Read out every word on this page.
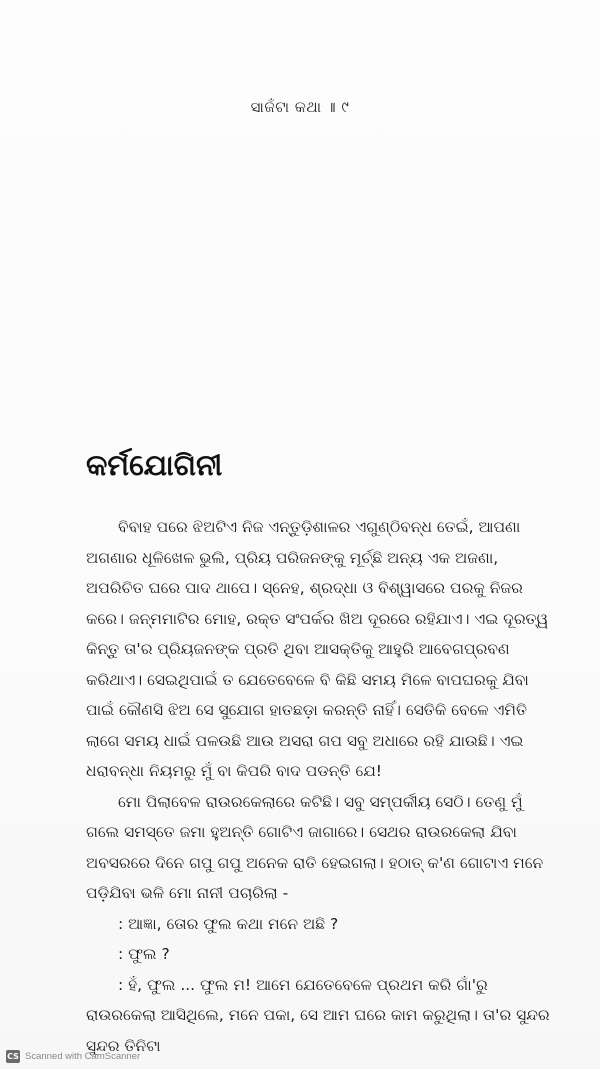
ସାଜଁଟା କଥା ॥ ୯
କର୍ମଯୋଗିନୀ

ବିବାହ ପରେ ଝିଅଟିଏ ନିଜ ଏନ୍ତୁଡ଼ିଶାଳର ଏଗୁଣ୍ଠିବନ୍ଧ ତେଇଁ, ଆପଣା ଅଗଣାର ଧୂଳିଖେଳ ଭୁଲି, ପ୍ରିୟ ପରିଜନଙ୍କୁ ମୂର୍ଚ୍ଛି ଅନ୍ୟ ଏକ ଅଜଣା, ଅପରିଚିତ ଘରେ ପାଦ ଥାପେ। ସ୍ନେହ, ଶ୍ରଦ୍ଧା ଓ ବିଶ୍ୱାସରେ ପରକୁ ନିଜର କରେ। ଜନ୍ମମାଟିର ମୋହ, ରକ୍ତ ସଂପର୍କର ଖିଅ ଦୂରରେ ରହିଯାଏ। ଏଇ ଦୂରତ୍ୱ କିନ୍ତୁ ତା'ର ପ୍ରିୟଜନଙ୍କ ପ୍ରତି ଥିବା ଆସକ୍ତିକୁ ଆହୁରି ଆବେଗପ୍ରବଣ କରିଥାଏ। ସେଇଥିପାଇଁ ତ ଯେତେବେଳେ ବି କିଛି ସମୟ ମିଳେ ବାପଘରକୁ ଯିବା ପାଇଁ କୌଣସି ଝିଅ ସେ ସୁଯୋଗ ହାତଛଡ଼ା କରନ୍ତି ନାହିଁ। ସେତିକି ବେଳେ ଏମିତି ଲାଗେ ସମୟ ଧାଇଁ ପଳଉଛି ଆଉ ଅସରା ଗପ ସବୁ ଅଧାରେ ରହି ଯାଉଛି। ଏଇ ଧରାବନ୍ଧା ନିୟମରୁ ମୁଁ ବା କିପରି ବାଦ ପଡନ୍ତି ଯେ!

ମୋ ପିଲାବେଳ ରାଉରକେଲାରେ କଟିଛି। ସବୁ ସମ୍ପର୍କୀୟ ସେଠି। ତେଣୁ ମୁଁ ଗଲେ ସମସ୍ତେ ଜମା ହୁଅନ୍ତି ଗୋଟିଏ ଜାଗାରେ। ସେଥର ରାଉରକେଲା ଯିବା ଅବସରରେ ଦିନେ ଗପୁ ଗପୁ ଅନେକ ରାତି ହେଇଗଲା। ହଠାତ୍ କ'ଣ ଗୋଟାଏ ମନେ ପଡ଼ିଯିବା ଭଳି ମୋ ନାନୀ ପଚାରିଲା -

: ଆଜ୍ଞା, ତୋର ଫୁଲ କଥା ମନେ ଅଛି ?

: ଫୁଲ ?

: ହଁ, ଫୁଲ ... ଫୁଲ ମ! ଆମେ ଯେତେବେଳେ ପ୍ରଥମ କରି ଗାଁ'ରୁ ରାଉରକେଲା ଆସିଥିଲେ, ମନେ ପକା, ସେ ଆମ ଘରେ କାମ କରୁଥିଲା। ତା'ର ସୁନ୍ଦର ସୁନ୍ଦର ତିନିଟା

CS Scanned with CamScanner
